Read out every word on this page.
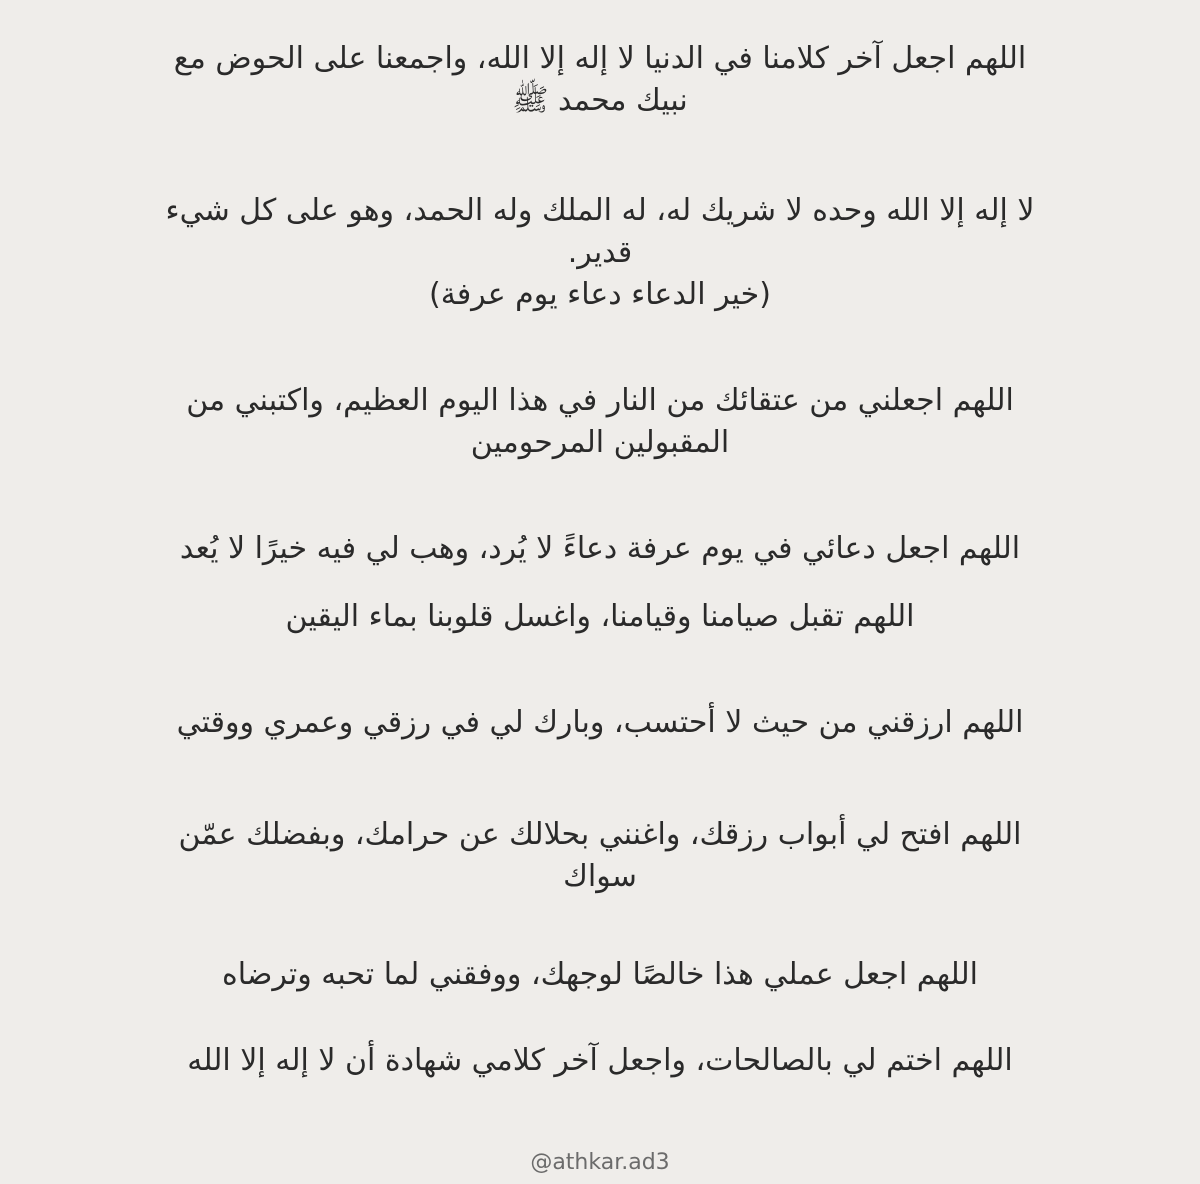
اللهم اجعل آخر كلامنا في الدنيا لا إله إلا الله، واجمعنا على الحوض مع
نبيك محمد ﷺ

لا إله إلا الله وحده لا شريك له، له الملك وله الحمد، وهو على كل شيء
قدير.
(خير الدعاء دعاء يوم عرفة)

اللهم اجعلني من عتقائك من النار في هذا اليوم العظيم، واكتبني من
المقبولين المرحومين

اللهم اجعل دعائي في يوم عرفة دعاءً لا يُرد، وهب لي فيه خيرًا لا يُعد

اللهم تقبل صيامنا وقيامنا، واغسل قلوبنا بماء اليقين

اللهم ارزقني من حيث لا أحتسب، وبارك لي في رزقي وعمري ووقتي

اللهم افتح لي أبواب رزقك، واغنني بحلالك عن حرامك، وبفضلك عمّن
سواك

اللهم اجعل عملي هذا خالصًا لوجهك، ووفقني لما تحبه وترضاه

اللهم اختم لي بالصالحات، واجعل آخر كلامي شهادة أن لا إله إلا الله

@athkar.ad3
